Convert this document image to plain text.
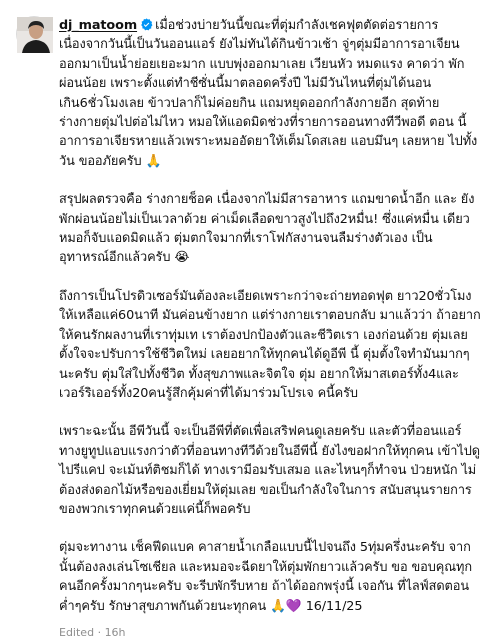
dj_matoom เมื่อช่วงบ่ายวันนี้ขณะที่ตุ่มกำลังเชคฟุตตัดต่อรายการ เนื่องจากวันนี้เป็นวันออนแอร์ ยังไม่ทันได้กินข้าวเช้า จู่ๆตุ่มมีอาการอาเจียน ออกมาเป็นน้ำย่อยเยอะมาก แบบพุ่งออกมาเลย เวียนหัว หมดแรง คาดว่า พักผ่อนน้อย เพราะตั้งแต่ทำชีซั่นนี้มาตลอดครึ่งปี ไม่มีวันไหนที่ตุ่มได้นอน เกิน6ชั่วโมงเลย ข้าวปลาก็ไม่ค่อยกิน แถมหยุดออกกำลังกายอีก สุดท้าย ร่างกายตุ่มไปต่อไม่ไหว หมอให้แอดมิดช่วงที่รายการออนทางทีวีพอดี ตอน นี้อาการอาเจียรหายแล้วเพราะหมออัดยาให้เต็มโดสเลย แอบมึนๆ เลยหาย ไปทั้งวัน ขออภัยครับ 🙏
สรุปผลตรวจคือ ร่างกายช็อค เนื่องจากไม่มีสารอาหาร แถมขาดน้ำอีก และ ยังพักผ่อนน้อยไม่เป็นเวลาด้วย ค่าเม็ดเลือดขาวสูงไปถึง2หมื่น! ซึ่งแค่หมื่น เดียวหมอก็จับแอดมิดแล้ว ตุ่มตกใจมากที่เราโฟกัสงานจนลืมร่างตัวเอง เป็น อุทาหรณ์อีกแล้วครับ 😭
ถึงการเป็นโปรดิวเซอร์มันต้องละเอียดเพราะกว่าจะถ่ายทอดฟุต ยาว20ชั่วโมง ให้เหลือแค่60นาที มันค่อนข้างยาก แต่ร่างกายเราตอบกลับ มาแล้วว่า ถ้าอยากให้คนรักผลงานที่เราทุ่มเท เราต้องปกป้องตัวและชีวิตเรา เองก่อนด้วย ตุ่มเลยตั้งใจจะปรับการใช้ชีวิตใหม่ เลยอยากให้ทุกคนได้ดูอีพี นี้ ตุ่มตั้งใจทำมันมากๆนะครับ ตุ่มใส่ใปทั้งชีวิต ทั้งสุขภาพและจิตใจ ตุ่ม อยากให้มาสเตอร์ทั้ง4และเวอร์ริเออร์ทั้ง20คนรู้สึกคุ้มค่าที่ได้มาร่วมโปรเจ คนี้ครับ
เพราะฉะนั้น อีพีวันนี้ จะเป็นอีพีที่ตัดเพื่อเสริฟคนดูเลยครับ และตัวที่ออนแอร์ ทางยูทูปแอบแรงกว่าตัวที่ออนทางทีวีด้วยในอีพีนี้ ยังไงขอฝากให้ทุกคน เข้าไปดู ไปรีแคป จะเม้นท์ติชมก็ได้ ทางเรามีอมรับเสมอ และไหนๆก็ทำจน ป่วยหนัก ไม่ต้องส่งดอกไม้หรือของเยี่ยมให้ตุ่มเลย ขอเป็นกำลังใจในการ สนับสนุนรายการของพวกเราทุกคนด้วยแค่นี้ก็พอครับ
ตุ่มจะทางาน เช็คฟีดแบค คาสายน้ำเกลือแบบนี้ไปจนถึง 5ทุ่มครึ่งนะครับ จากนั้นต้องลงเล่นโซเชียล และหมอจะฉีดยาให้ตุ่มพักยาวแล้วครับ ขอ ขอบคุณทุกคนอีกครั้งมากๆนะครับ จะรีบพักรีบหาย ถ้าได้ออกพรุ่งนี้ เจอกัน ที่ไลฟ์สดตอนค่ำๆครับ รักษาสุขภาพกันด้วยนะทุกคน 🙏💜 16/11/25
Edited · 16h
